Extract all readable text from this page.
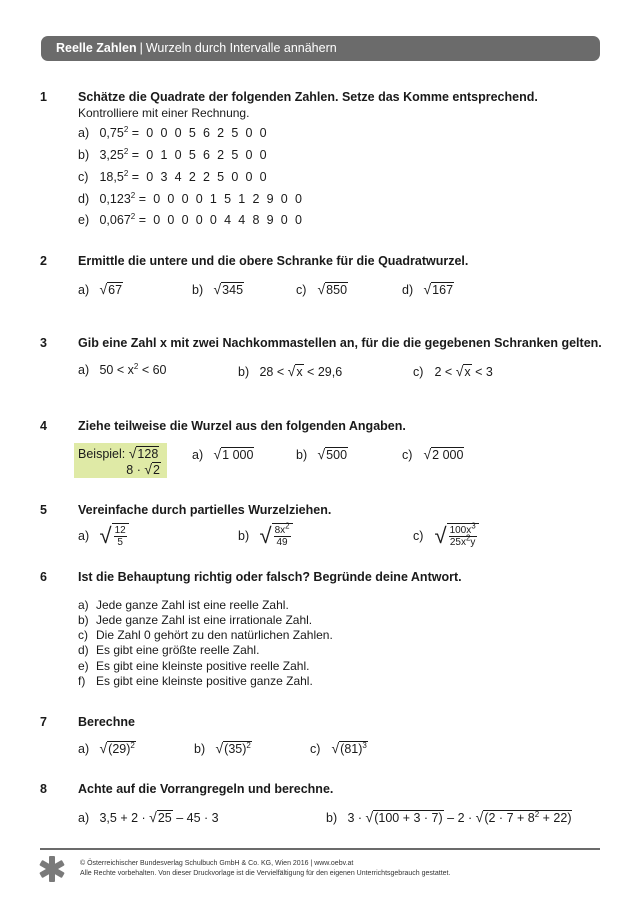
Reelle Zahlen | Wurzeln durch Intervalle annähern
1 Schätze die Quadrate der folgenden Zahlen. Setze das Komme entsprechend.
Kontrolliere mit einer Rechnung.
a) $0,75^2 = 0$ 0 0 5 6 2 5 0 0
b) $3,25^2 = 0$ 1 0 5 6 2 5 0 0
c) $18,5^2 = 0$ 3 4 2 2 5 0 0 0
d) $0,123^2 = 0$ 0 0 0 1 5 1 2 9 0 0
e) $0,067^2 = 0$ 0 0 0 0 4 4 8 9 0 0
2 Ermittle die untere und die obere Schranke für die Quadratwurzel.
a) √67	b) √345	c) √850	d) √167
3 Gib eine Zahl x mit zwei Nachkommastellen an, für die die gegebenen Schranken gelten.
a) $50 < x^2 < 60$	b) 28 < √x < 29,6	c) 2 < √x < 3
4 Ziehe teilweise die Wurzel aus den folgenden Angaben.
Beispiel: √128
8 · √2
a) √1 000	b) √500	c) √2 000
5 Vereinfache durch partielles Wurzelziehen.
a)
√ $\frac{12}{5}$	b)
√ $\frac{8x^2}{49}$	c)
√ $\frac{100x^3}{25x^2y}$
6 Ist die Behauptung richtig oder falsch? Begründe deine Antwort.
a) Jede ganze Zahl ist eine reelle Zahl.
b) Jede ganze Zahl ist eine irrationale Zahl.
c) Die Zahl 0 gehört zu den natürlichen Zahlen.
d) Es gibt eine größte reelle Zahl.
e) Es gibt eine kleinste positive reelle Zahl.
f) Es gibt eine kleinste positive ganze Zahl.
7 Berechne
a) $√(29)^2$	b) $√(35)^2$	c) $√(81)^3$
8 Achte auf die Vorrangregeln und berechne.
a) 3,5 + 2 · √25 – 45 · 3	b) $3 \cdot √(100 + 3 \cdot 7) - 2 \cdot √(2 \cdot 7 + 8^2 + 22)$
© Österreichischer Bundesverlag Schulbuch GmbH & Co. KG, Wien 2016 | www.oebv.at
Alle Rechte vorbehalten. Von dieser Druckvorlage ist die Vervielfältigung für den eigenen Unterrichtsgebrauch gestattet.
